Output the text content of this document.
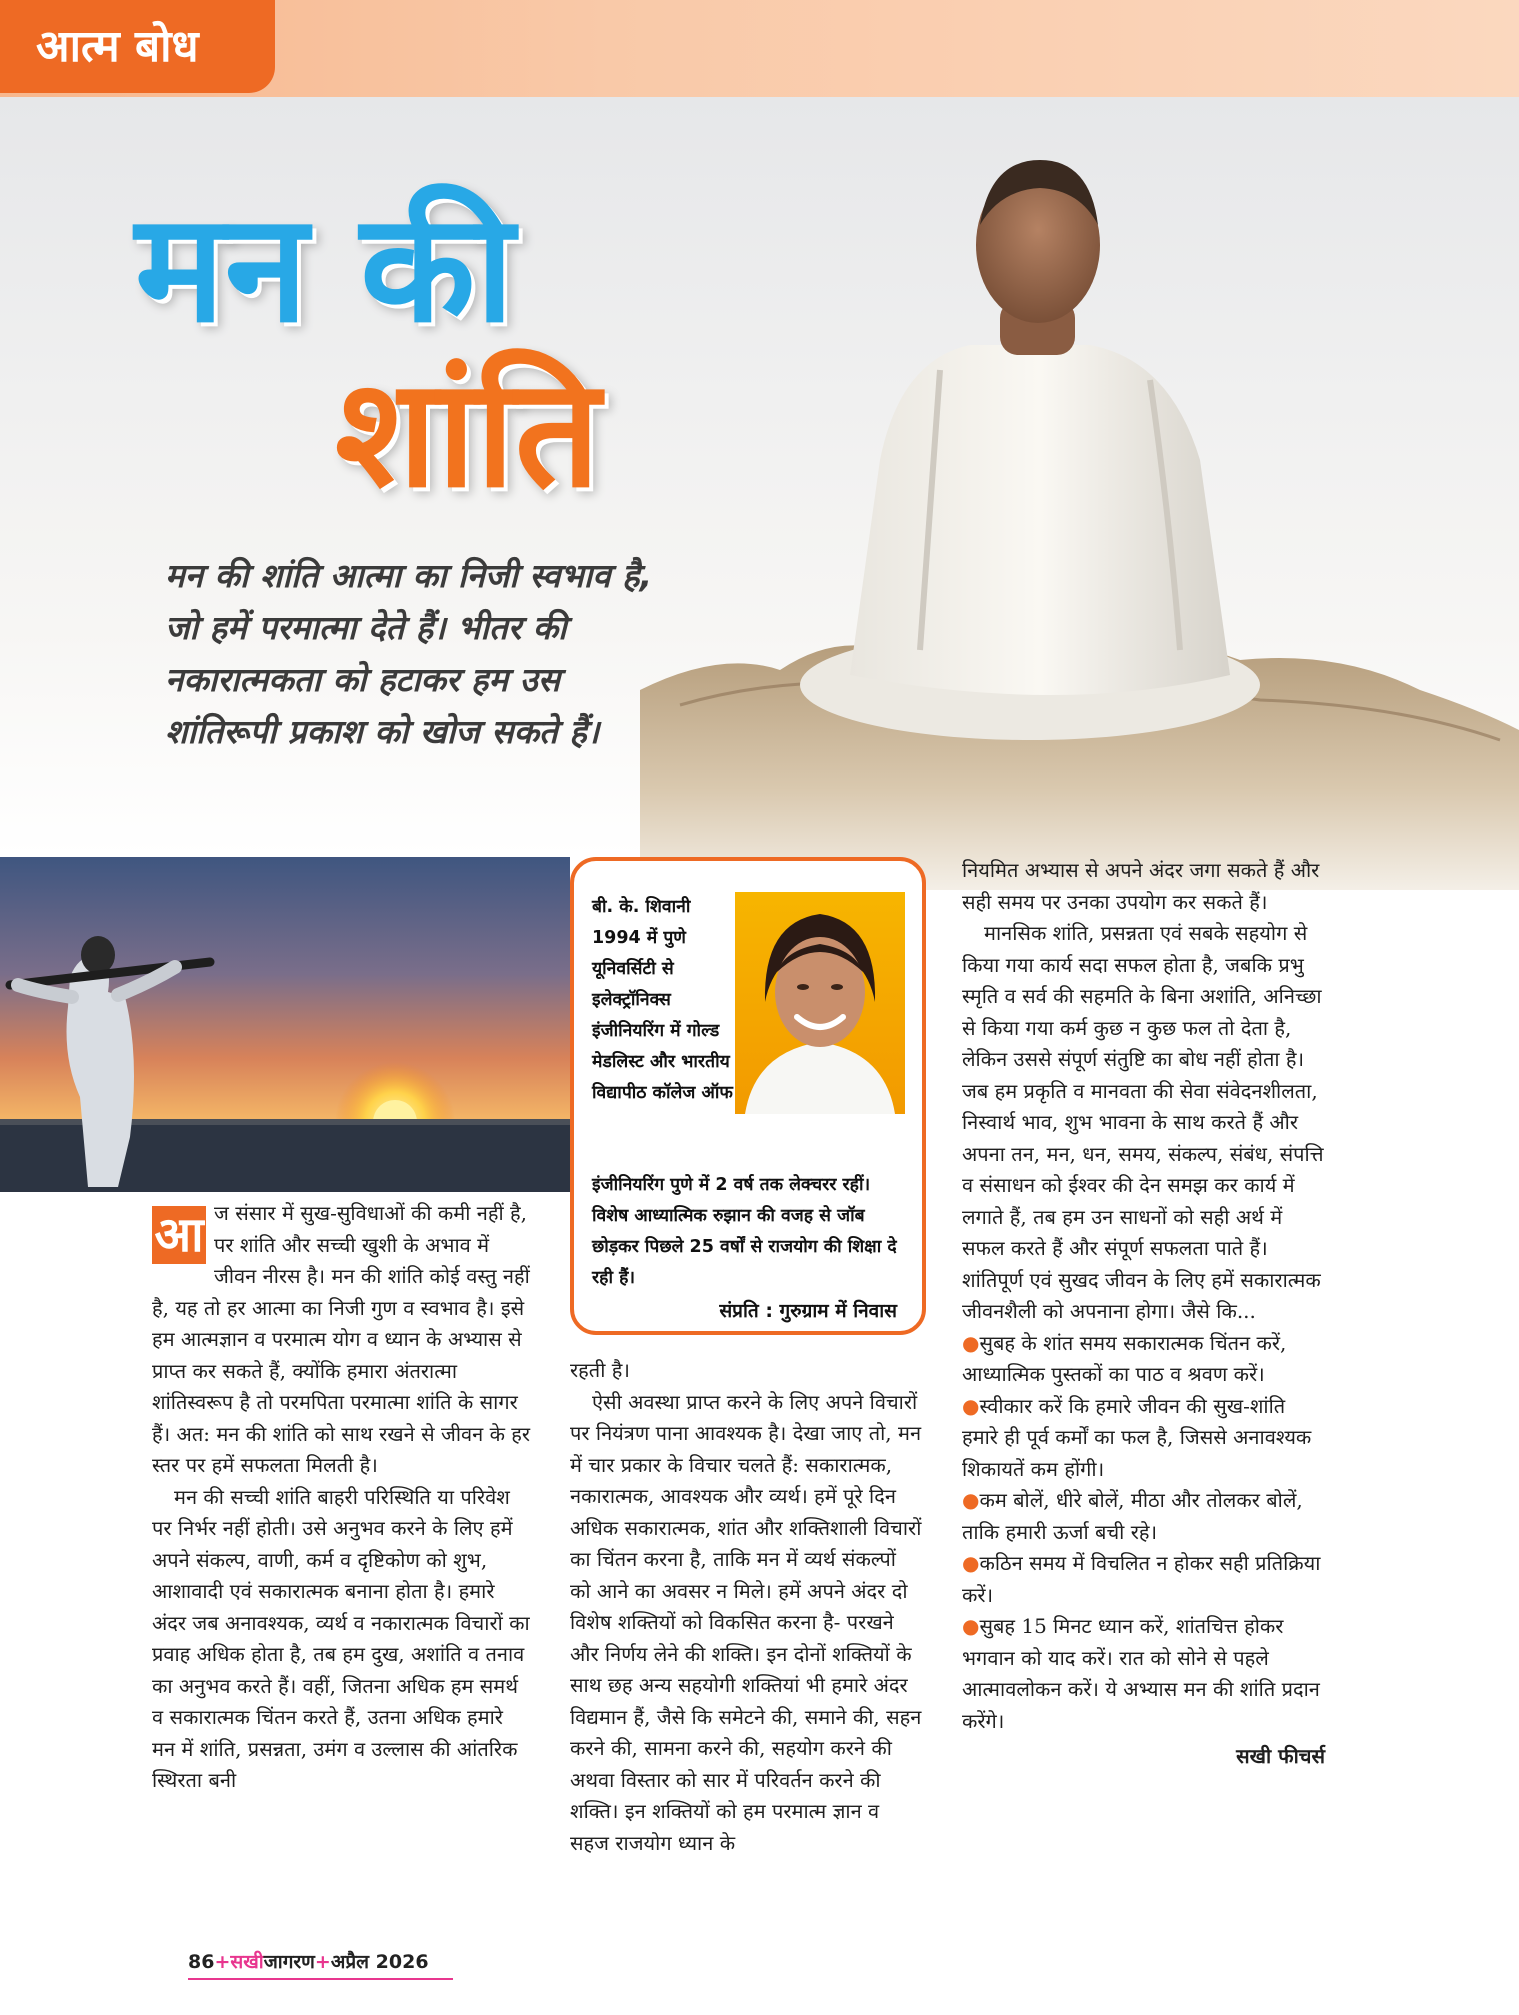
आत्म बोध
मन की
शांति
मन की शांति आत्मा का निजी स्वभाव है, जो हमें परमात्मा देते हैं। भीतर की नकारात्मकता को हटाकर हम उस शांतिरूपी प्रकाश को खोज सकते हैं।
बी. के. शिवानी 1994 में पुणे यूनिवर्सिटी से इलेक्ट्रॉनिक्स इंजीनियरिंग में गोल्ड मेडलिस्ट और भारतीय विद्यापीठ कॉलेज ऑफ
इंजीनियरिंग पुणे में 2 वर्ष तक लेक्चरर रहीं। विशेष आध्यात्मिक रुझान की वजह से जॉब छोड़कर पिछले 25 वर्षों से राजयोग की शिक्षा दे रही हैं।
संप्रति : गुरुग्राम में निवास
आ ज संसार में सुख-सुविधाओं की कमी नहीं है, पर शांति और सच्ची खुशी के अभाव में जीवन नीरस है। मन की शांति कोई वस्तु नहीं है, यह तो हर आत्मा का निजी गुण व स्वभाव है। इसे हम आत्मज्ञान व परमात्म योग व ध्यान के अभ्यास से प्राप्त कर सकते हैं, क्योंकि हमारा अंतरात्मा शांतिस्वरूप है तो परमपिता परमात्मा शांति के सागर हैं। अत: मन की शांति को साथ रखने से जीवन के हर स्तर पर हमें सफलता मिलती है।

मन की सच्ची शांति बाहरी परिस्थिति या परिवेश पर निर्भर नहीं होती। उसे अनुभव करने के लिए हमें अपने संकल्प, वाणी, कर्म व दृष्टिकोण को शुभ, आशावादी एवं सकारात्मक बनाना होता है। हमारे अंदर जब अनावश्यक, व्यर्थ व नकारात्मक विचारों का प्रवाह अधिक होता है, तब हम दुख, अशांति व तनाव का अनुभव करते हैं। वहीं, जितना अधिक हम समर्थ व सकारात्मक चिंतन करते हैं, उतना अधिक हमारे मन में शांति, प्रसन्नता, उमंग व उल्लास की आंतरिक स्थिरता बनी

रहती है।

ऐसी अवस्था प्राप्त करने के लिए अपने विचारों पर नियंत्रण पाना आवश्यक है। देखा जाए तो, मन में चार प्रकार के विचार चलते हैं: सकारात्मक, नकारात्मक, आवश्यक और व्यर्थ। हमें पूरे दिन अधिक सकारात्मक, शांत और शक्तिशाली विचारों का चिंतन करना है, ताकि मन में व्यर्थ संकल्पों को आने का अवसर न मिले। हमें अपने अंदर दो विशेष शक्तियों को विकसित करना है- परखने और निर्णय लेने की शक्ति। इन दोनों शक्तियों के साथ छह अन्य सहयोगी शक्तियां भी हमारे अंदर विद्यमान हैं, जैसे कि समेटने की, समाने की, सहन करने की, सामना करने की, सहयोग करने की अथवा विस्तार को सार में परिवर्तन करने की शक्ति। इन शक्तियों को हम परमात्म ज्ञान व सहज राजयोग ध्यान के

नियमित अभ्यास से अपने अंदर जगा सकते हैं और सही समय पर उनका उपयोग कर सकते हैं।

मानसिक शांति, प्रसन्नता एवं सबके सहयोग से किया गया कार्य सदा सफल होता है, जबकि प्रभु स्मृति व सर्व की सहमति के बिना अशांति, अनिच्छा से किया गया कर्म कुछ न कुछ फल तो देता है, लेकिन उससे संपूर्ण संतुष्टि का बोध नहीं होता है। जब हम प्रकृति व मानवता की सेवा संवेदनशीलता, निस्वार्थ भाव, शुभ भावना के साथ करते हैं और अपना तन, मन, धन, समय, संकल्प, संबंध, संपत्ति व संसाधन को ईश्वर की देन समझ कर कार्य में लगाते हैं, तब हम उन साधनों को सही अर्थ में सफल करते हैं और संपूर्ण सफलता पाते हैं। शांतिपूर्ण एवं सुखद जीवन के लिए हमें सकारात्मक जीवनशैली को अपनाना होगा। जैसे कि...

●सुबह के शांत समय सकारात्मक चिंतन करें, आध्यात्मिक पुस्तकों का पाठ व श्रवण करें।

●स्वीकार करें कि हमारे जीवन की सुख-शांति हमारे ही पूर्व कर्मों का फल है, जिससे अनावश्यक शिकायतें कम होंगी।

●कम बोलें, धीरे बोलें, मीठा और तोलकर बोलें, ताकि हमारी ऊर्जा बची रहे।

●कठिन समय में विचलित न होकर सही प्रतिक्रिया करें।

●सुबह 15 मिनट ध्यान करें, शांतचित्त होकर भगवान को याद करें। रात को सोने से पहले आत्मावलोकन करें। ये अभ्यास मन की शांति प्रदान करेंगे।

सखी फीचर्स
86+सखीजागरण+अप्रैल 2026
